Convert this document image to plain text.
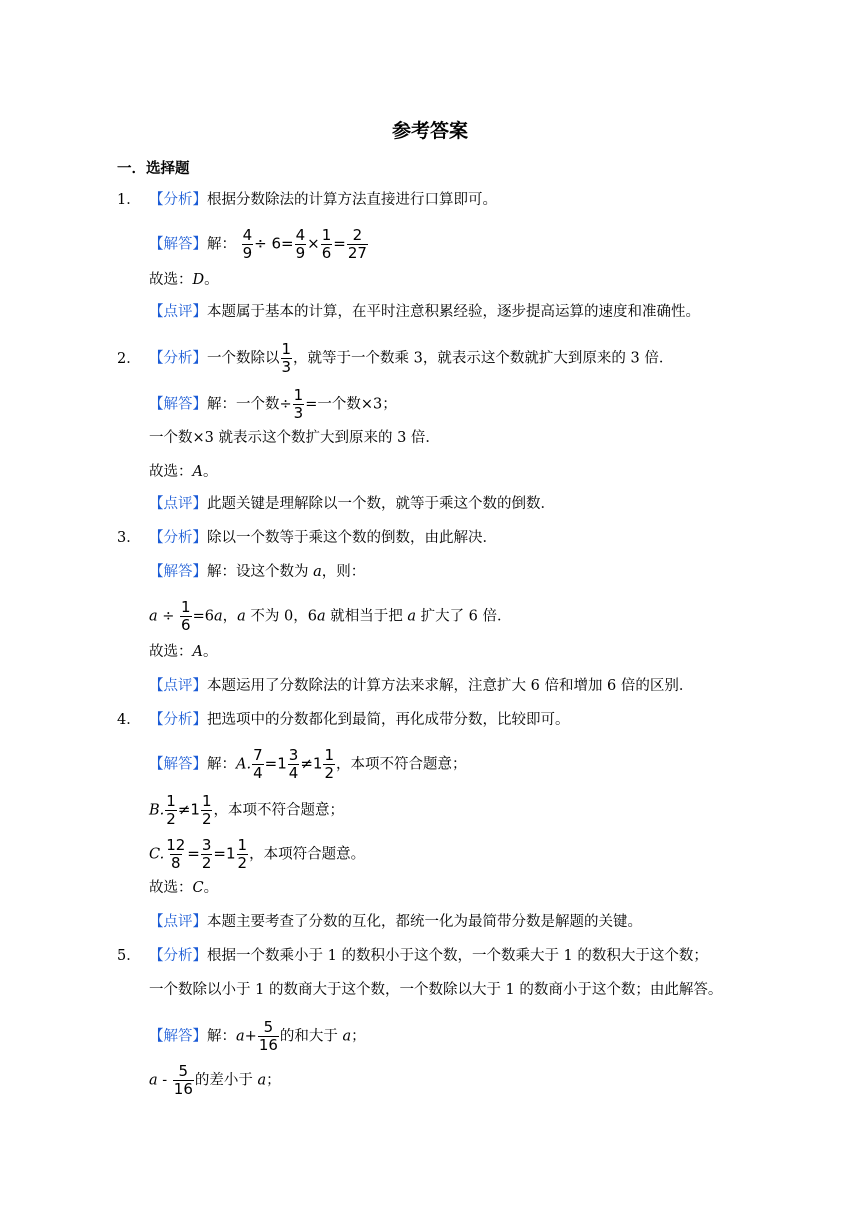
参考答案
一．选择题
1． 【分析】根据分数除法的计算方法直接进行口算即可。
【解答】解： $\frac{4}{9} \div 6= \frac{4}{9} \times \frac{1}{6} = \frac{2}{27}$
故选：D。
【点评】本题属于基本的计算，在平时注意积累经验，逐步提高运算的速度和准确性。
2． 【分析】一个数除以 $\frac{1}{3}$ ，就等于一个数乘 3，就表示这个数就扩大到原来的 3 倍．
【解答】解：一个数÷ $\frac{1}{3}$ =一个数×3；
一个数×3 就表示这个数扩大到原来的 3 倍．
故选：A。
【点评】此题关键是理解除以一个数，就等于乘这个数的倒数．
3． 【分析】除以一个数等于乘这个数的倒数，由此解决．
【解答】解：设这个数为 a，则：
$a \div \frac{1}{6} =6a$，a 不为 0，6a 就相当于把 a 扩大了 6 倍．
故选：A。
【点评】本题运用了分数除法的计算方法来求解，注意扩大 6 倍和增加 6 倍的区别．
4． 【分析】把选项中的分数都化到最简，再化成带分数，比较即可。
【解答】解：A. $\frac{7}{4} =1 \frac{3}{4} \ne 1 \frac{1}{2}$ ，本项不符合题意；
B. $\frac{1}{2} \ne 1 \frac{1}{2}$ ，本项不符合题意；
C. $\frac{12}{8} = \frac{3}{2} =1 \frac{1}{2}$ ，本项符合题意。
故选：C。
【点评】本题主要考查了分数的互化，都统一化为最简带分数是解题的关键。
5． 【分析】根据一个数乘小于 1 的数积小于这个数，一个数乘大于 1 的数积大于这个数；
一个数除以小于 1 的数商大于这个数，一个数除以大于 1 的数商小于这个数；由此解答。
【解答】解：$a+ \frac{5}{16}$ 的和大于 a；
a - $\frac{5}{16}$ 的差小于 a；
